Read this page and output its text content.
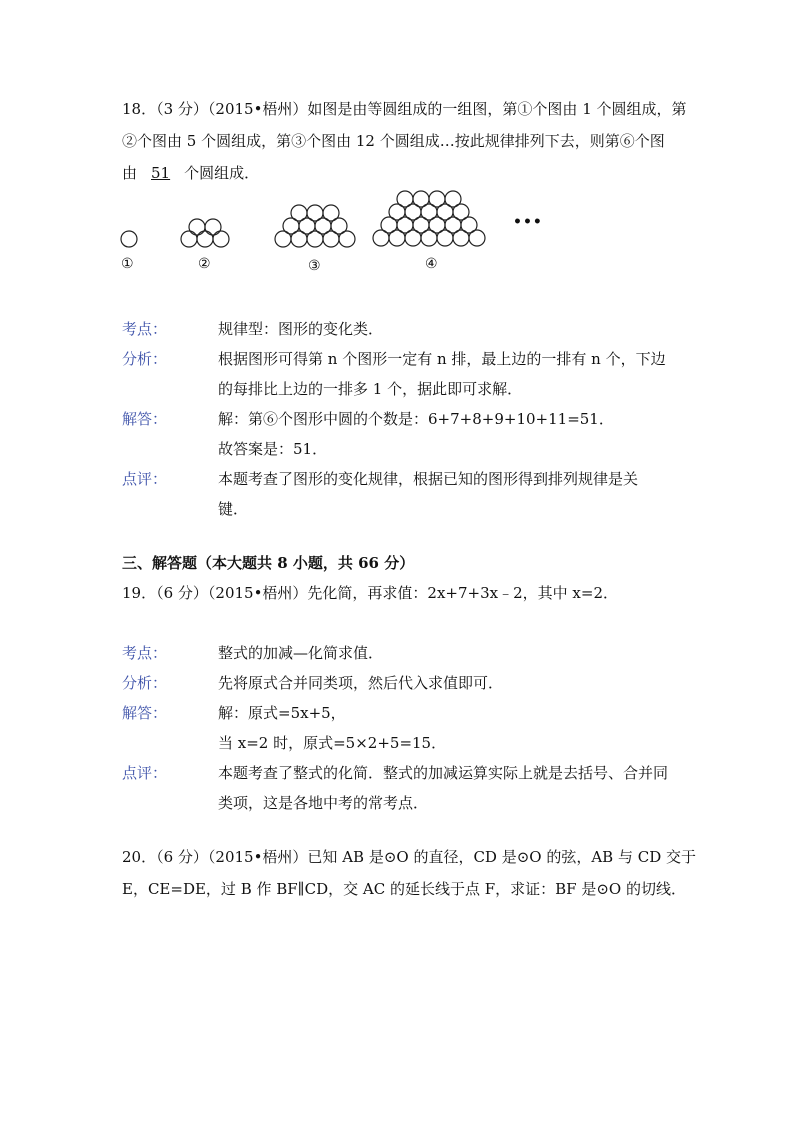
18．（3 分）（2015•梧州）如图是由等圆组成的一组图，第①个图由 1 个圆组成，第
②个图由 5 个圆组成，第③个图由 12 个圆组成…按此规律排列下去，则第⑥个图
由 51 个圆组成．
•••
①	②	③	④
考点：	规律型：图形的变化类．
分析：	根据图形可得第 n 个图形一定有 n 排，最上边的一排有 n 个，下边
的每排比上边的一排多 1 个，据此即可求解．
解答：	解：第⑥个图形中圆的个数是：6+7+8+9+10+11=51．
故答案是：51．
点评：	本题考查了图形的变化规律，根据已知的图形得到排列规律是关
键．
三、解答题（本大题共 8 小题，共 66 分）
19．（6 分）（2015•梧州）先化简，再求值：2x+7+3x﹣2，其中 x=2．
考点：	整式的加减—化简求值．
分析：	先将原式合并同类项，然后代入求值即可．
解答：	解：原式=5x+5，
当 x=2 时，原式=5×2+5=15．
点评：	本题考查了整式的化简．整式的加减运算实际上就是去括号、合并同
类项，这是各地中考的常考点．
20．（6 分）（2015•梧州）已知 AB 是⊙O 的直径，CD 是⊙O 的弦，AB 与 CD 交于
E，CE=DE，过 B 作 BF∥CD，交 AC 的延长线于点 F，求证：BF 是⊙O 的切线．
